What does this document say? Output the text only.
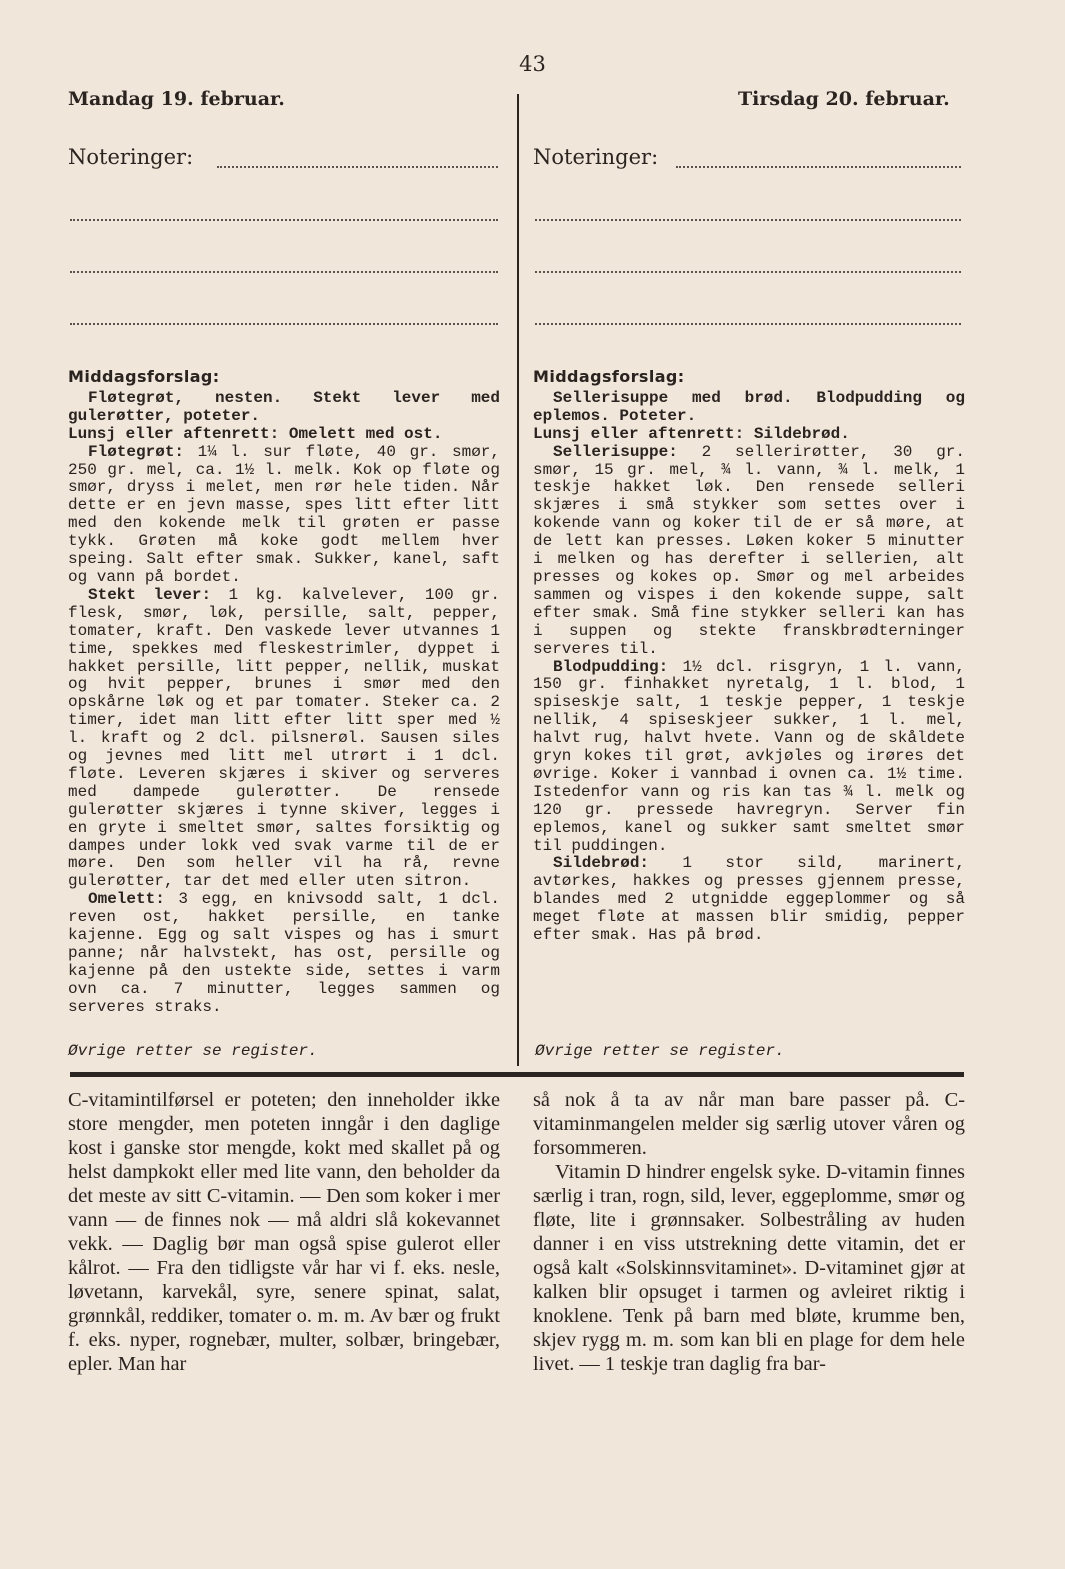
43
Mandag 19. februar.
Noteringer:

Middagsforslag:

Fløtegrøt, nesten. Stekt lever med gulerøtter, poteter.

Lunsj eller aftenrett: Omelett med ost.

Fløtegrøt: 1¼ l. sur fløte, 40 gr. smør, 250 gr. mel, ca. 1½ l. melk. Kok op fløte og smør, dryss i melet, men rør hele tiden. Når dette er en jevn masse, spes litt efter litt med den kokende melk til grøten er passe tykk. Grøten må koke godt mellem hver speing. Salt efter smak. Sukker, kanel, saft og vann på bordet.

Stekt lever: 1 kg. kalvelever, 100 gr. flesk, smør, løk, persille, salt, pepper, tomater, kraft. Den vaskede lever utvannes 1 time, spekkes med fleskestrimler, dyppet i hakket persille, litt pepper, nellik, muskat og hvit pepper, brunes i smør med den opskårne løk og et par tomater. Steker ca. 2 timer, idet man litt efter litt sper med ½ l. kraft og 2 dcl. pilsnerøl. Sausen siles og jevnes med litt mel utrørt i 1 dcl. fløte. Leveren skjæres i skiver og serveres med dampede gulerøtter. De rensede gulerøtter skjæres i tynne skiver, legges i en gryte i smeltet smør, saltes forsiktig og dampes under lokk ved svak varme til de er møre. Den som heller vil ha rå, revne gulerøtter, tar det med eller uten sitron.

Omelett: 3 egg, en knivsodd salt, 1 dcl. reven ost, hakket persille, en tanke kajenne. Egg og salt vispes og has i smurt panne; når halvstekt, has ost, persille og kajenne på den ustekte side, settes i varm ovn ca. 7 minutter, legges sammen og serveres straks.

Øvrige retter se register.
Tirsdag 20. februar.
Noteringer:

Middagsforslag:

Sellerisuppe med brød. Blodpudding og eplemos. Poteter.

Lunsj eller aftenrett: Sildebrød.

Sellerisuppe: 2 sellerirøtter, 30 gr. smør, 15 gr. mel, ¾ l. vann, ¾ l. melk, 1 teskje hakket løk. Den rensede selleri skjæres i små stykker som settes over i kokende vann og koker til de er så møre, at de lett kan presses. Løken koker 5 minutter i melken og has derefter i sellerien, alt presses og kokes op. Smør og mel arbeides sammen og vispes i den kokende suppe, salt efter smak. Små fine stykker selleri kan has i suppen og stekte franskbrødterninger serveres til.

Blodpudding: 1½ dcl. risgryn, 1 l. vann, 150 gr. finhakket nyretalg, 1 l. blod, 1 spiseskje salt, 1 teskje pepper, 1 teskje nellik, 4 spiseskjeer sukker, 1 l. mel, halvt rug, halvt hvete. Vann og de skåldete gryn kokes til grøt, avkjøles og irøres det øvrige. Koker i vannbad i ovnen ca. 1½ time. Istedenfor vann og ris kan tas ¾ l. melk og 120 gr. pressede havregryn. Server fin eplemos, kanel og sukker samt smeltet smør til puddingen.

Sildebrød: 1 stor sild, marinert, avtørkes, hakkes og presses gjennem presse, blandes med 2 utgnidde eggeplommer og så meget fløte at massen blir smidig, pepper efter smak. Has på brød.

Øvrige retter se register.

C-vitamintilførsel er poteten; den inneholder ikke store mengder, men poteten inngår i den daglige kost i ganske stor mengde, kokt med skallet på og helst dampkokt eller med lite vann, den beholder da det meste av sitt C-vitamin. — Den som koker i mer vann — de finnes nok — må aldri slå kokevannet vekk. — Daglig bør man også spise gulerot eller kålrot. — Fra den tidligste vår har vi f. eks. nesle, løvetann, karvekål, syre, senere spinat, salat, grønnkål, reddiker, tomater o. m. m. Av bær og frukt f. eks. nyper, rognebær, multer, solbær, bringebær, epler. Man har

så nok å ta av når man bare passer på. C-vitaminmangelen melder sig særlig utover våren og forsommeren.

Vitamin D hindrer engelsk syke. D-vitamin finnes særlig i tran, rogn, sild, lever, eggeplomme, smør og fløte, lite i grønnsaker. Solbestråling av huden danner i en viss utstrekning dette vitamin, det er også kalt «Solskinnsvitaminet». D-vitaminet gjør at kalken blir opsuget i tarmen og avleiret riktig i knoklene. Tenk på barn med bløte, krumme ben, skjev rygg m. m. som kan bli en plage for dem hele livet. — 1 teskje tran daglig fra bar-
